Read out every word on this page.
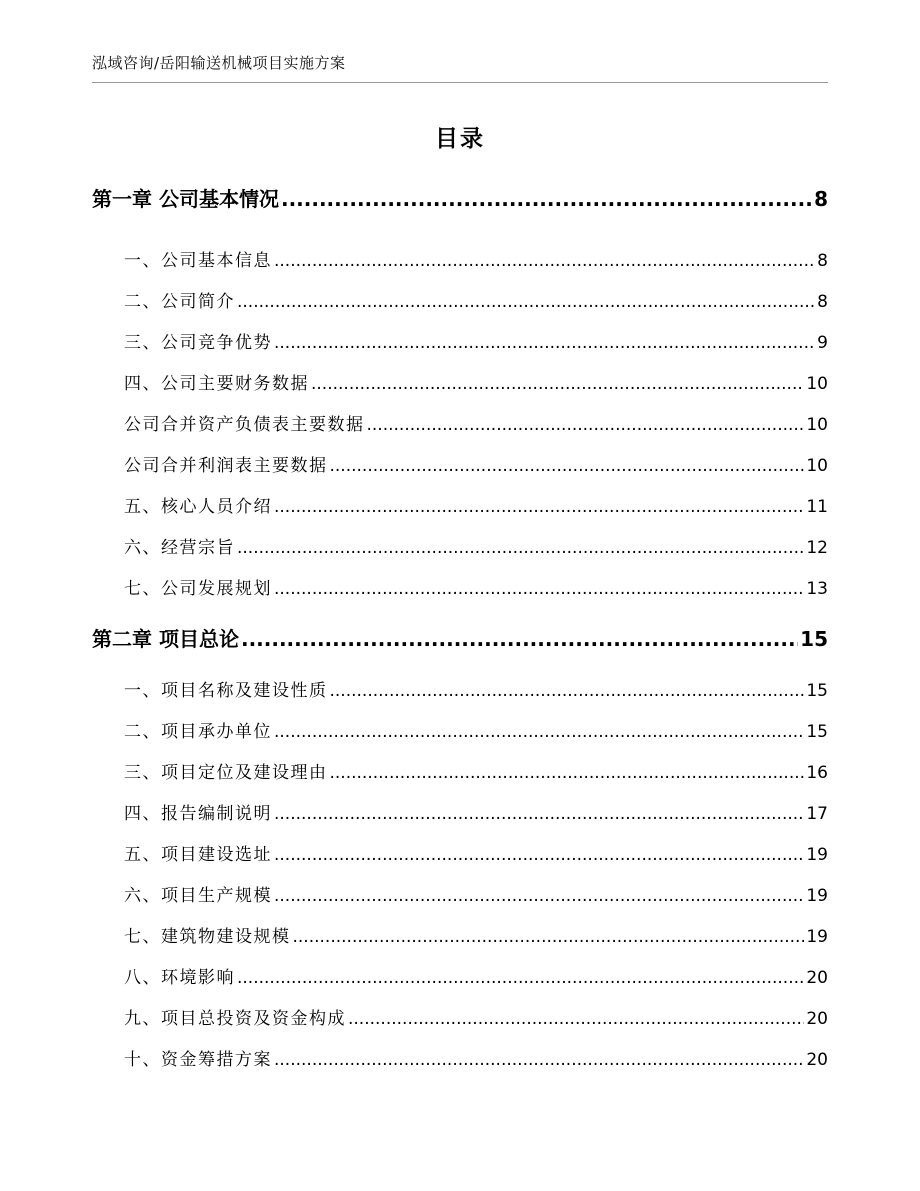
泓域咨询/岳阳输送机械项目实施方案
目录
第一章 公司基本情况 .....	8
一、 公司基本信息 .....	8
二、 公司简介 .....	8
三、 公司竞争优势 .....	9
四、 公司主要财务数据 .....	10
公司合并资产负债表主要数据 .....	10
公司合并利润表主要数据 .....	10
五、 核心人员介绍 .....	11
六、 经营宗旨 .....	12
七、 公司发展规划 .....	13
第二章 项目总论 .....	15
一、 项目名称及建设性质 .....	15
二、 项目承办单位 .....	15
三、 项目定位及建设理由 .....	16
四、 报告编制说明 .....	17
五、 项目建设选址 .....	19
六、 项目生产规模 .....	19
七、 建筑物建设规模 .....	19
八、 环境影响 .....	20
九、 项目总投资及资金构成 .....	20
十、 资金筹措方案 .....	20
